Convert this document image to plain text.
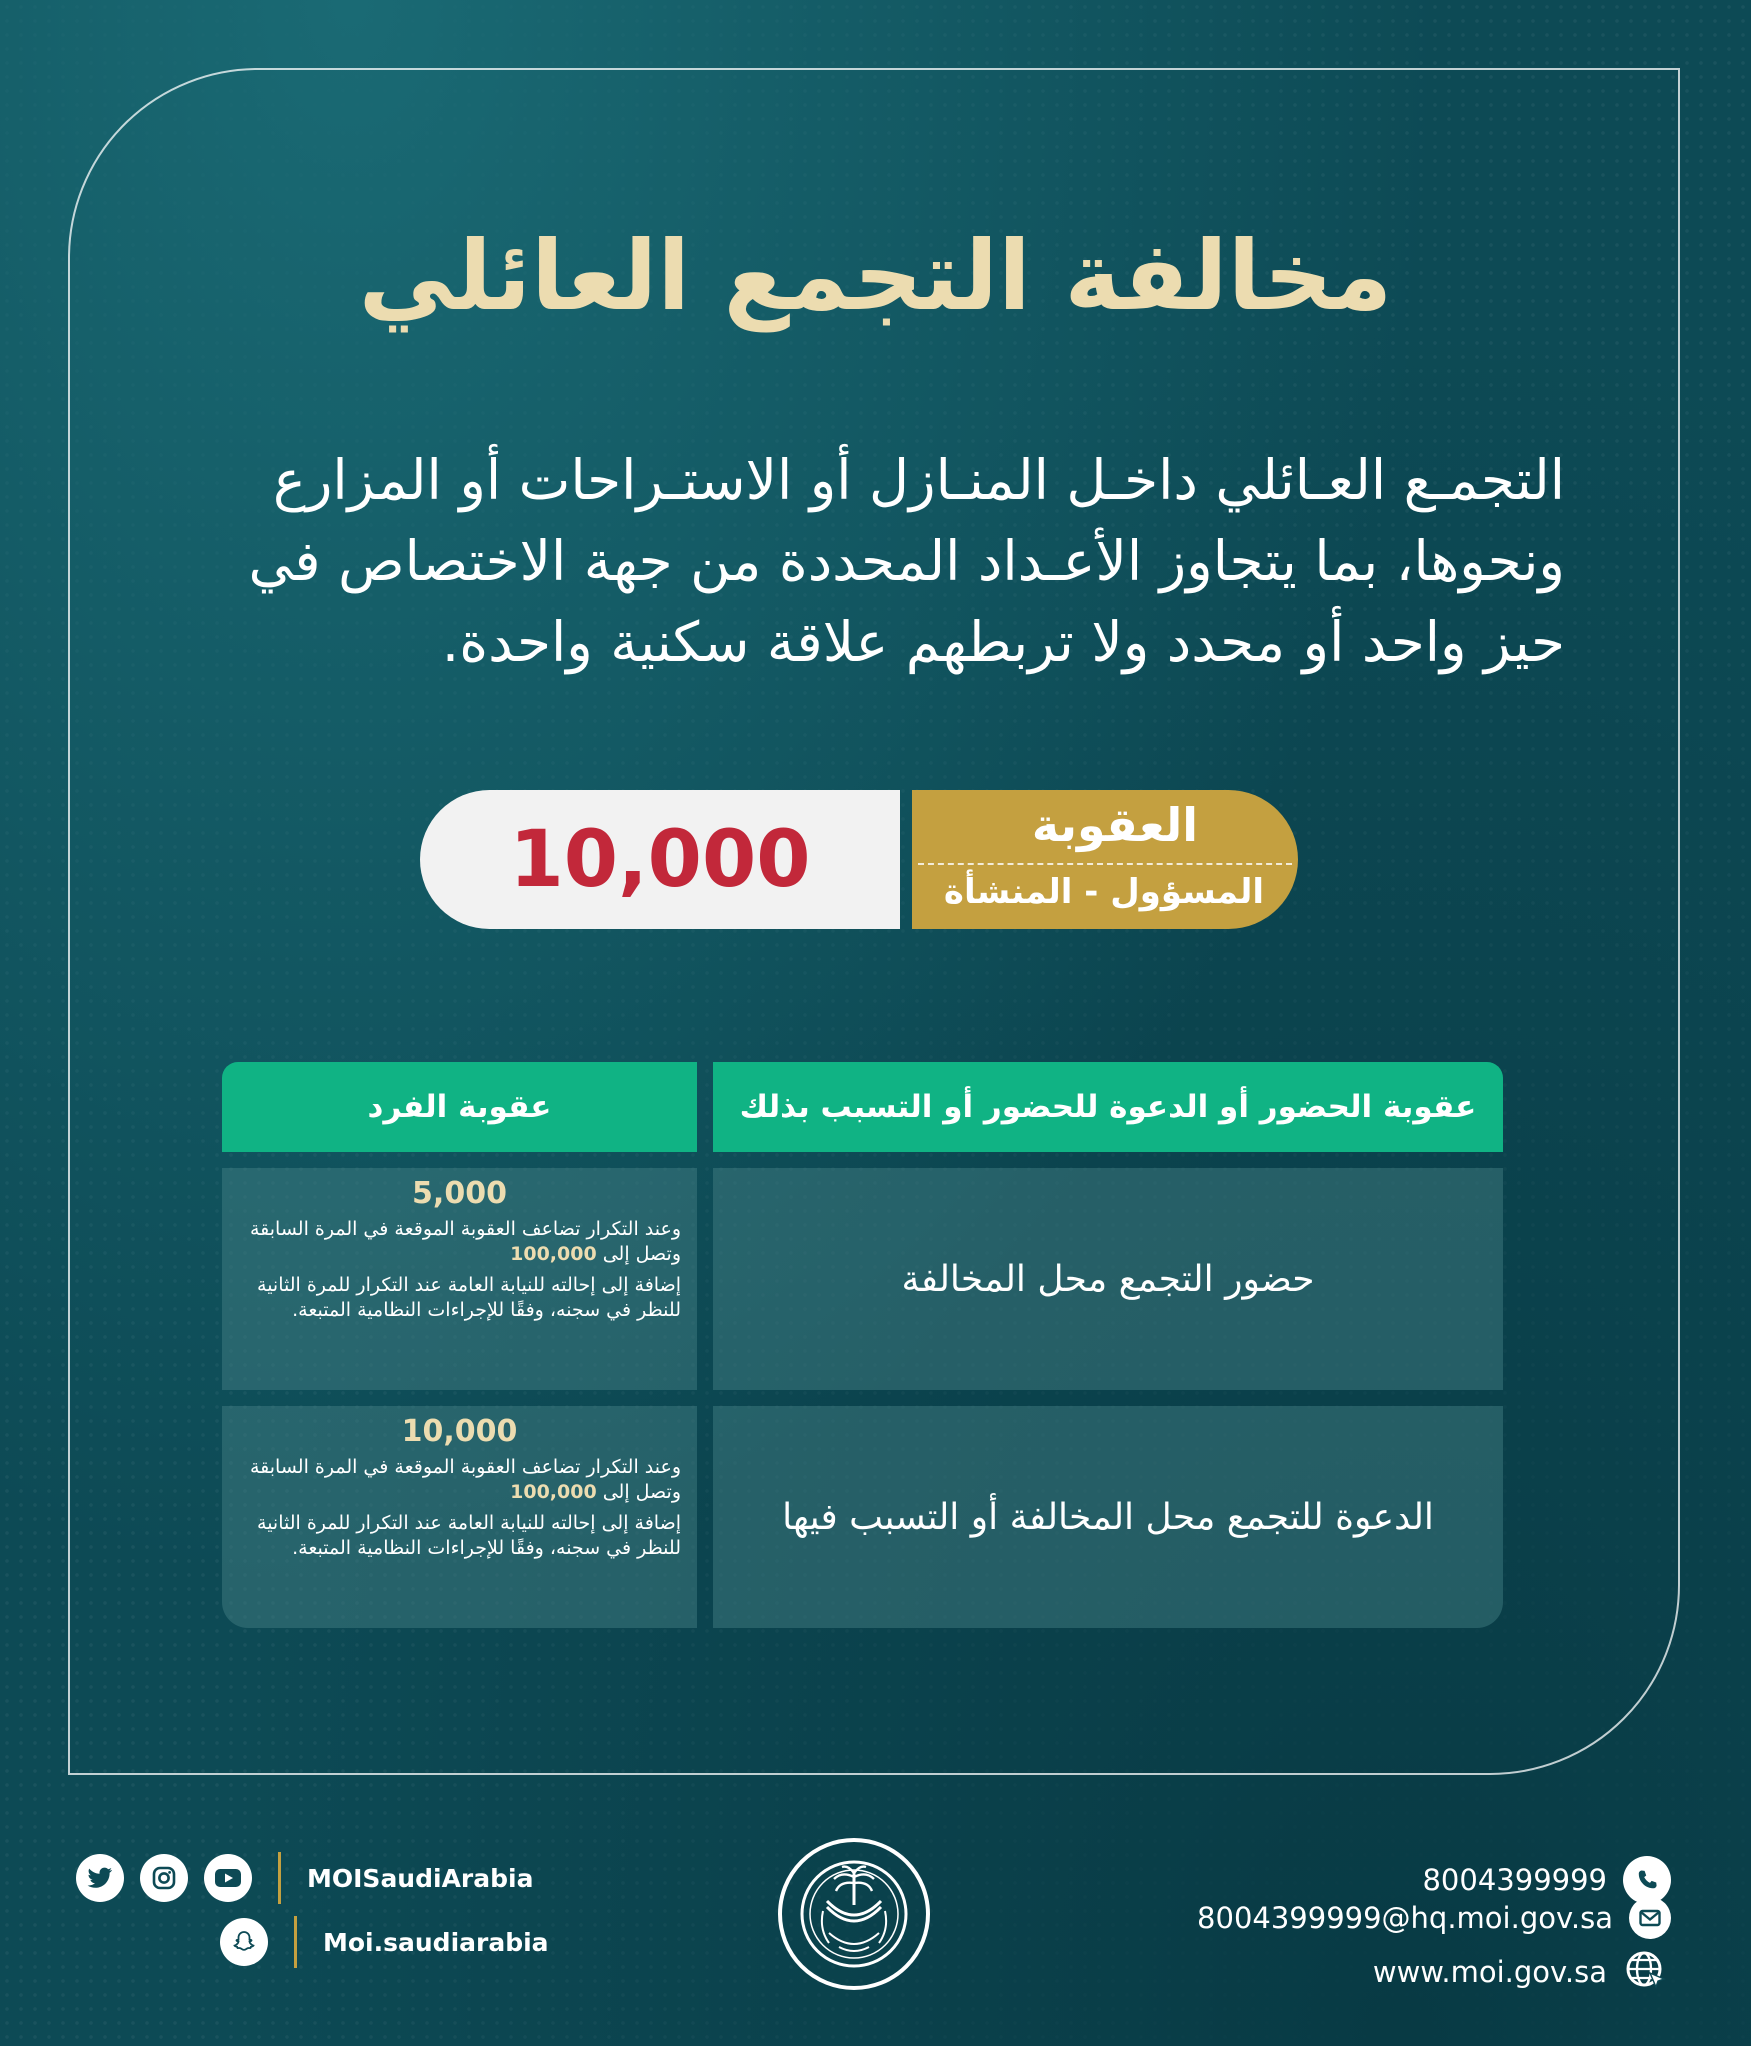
مخالفة التجمع العائلي
التجمـع العـائلي داخـل المنـازل أو الاستـراحات أو المزارع ونحوها، بما يتجاوز الأعـداد المحددة من جهة الاختصاص في حيز واحد أو محدد ولا تربطهم علاقة سكنية واحدة.
10,000	العقوبة
المسؤول - المنشأة
عقوبة الحضور أو الدعوة للحضور أو التسبب بذلك
عقوبة الفرد
حضور التجمع محل المخالفة
5,000
وعند التكرار تضاعف العقوبة الموقعة في المرة السابقة وتصل إلى 100,000
إضافة إلى إحالته للنيابة العامة عند التكرار للمرة الثانية للنظر في سجنه، وفقًا للإجراءات النظامية المتبعة.
الدعوة للتجمع محل المخالفة أو التسبب فيها
10,000
وعند التكرار تضاعف العقوبة الموقعة في المرة السابقة وتصل إلى 100,000
إضافة إلى إحالته للنيابة العامة عند التكرار للمرة الثانية للنظر في سجنه، وفقًا للإجراءات النظامية المتبعة.
MOISaudiArabia
Moi.saudiarabia
8004399999
8004399999@hq.moi.gov.sa
www.moi.gov.sa
